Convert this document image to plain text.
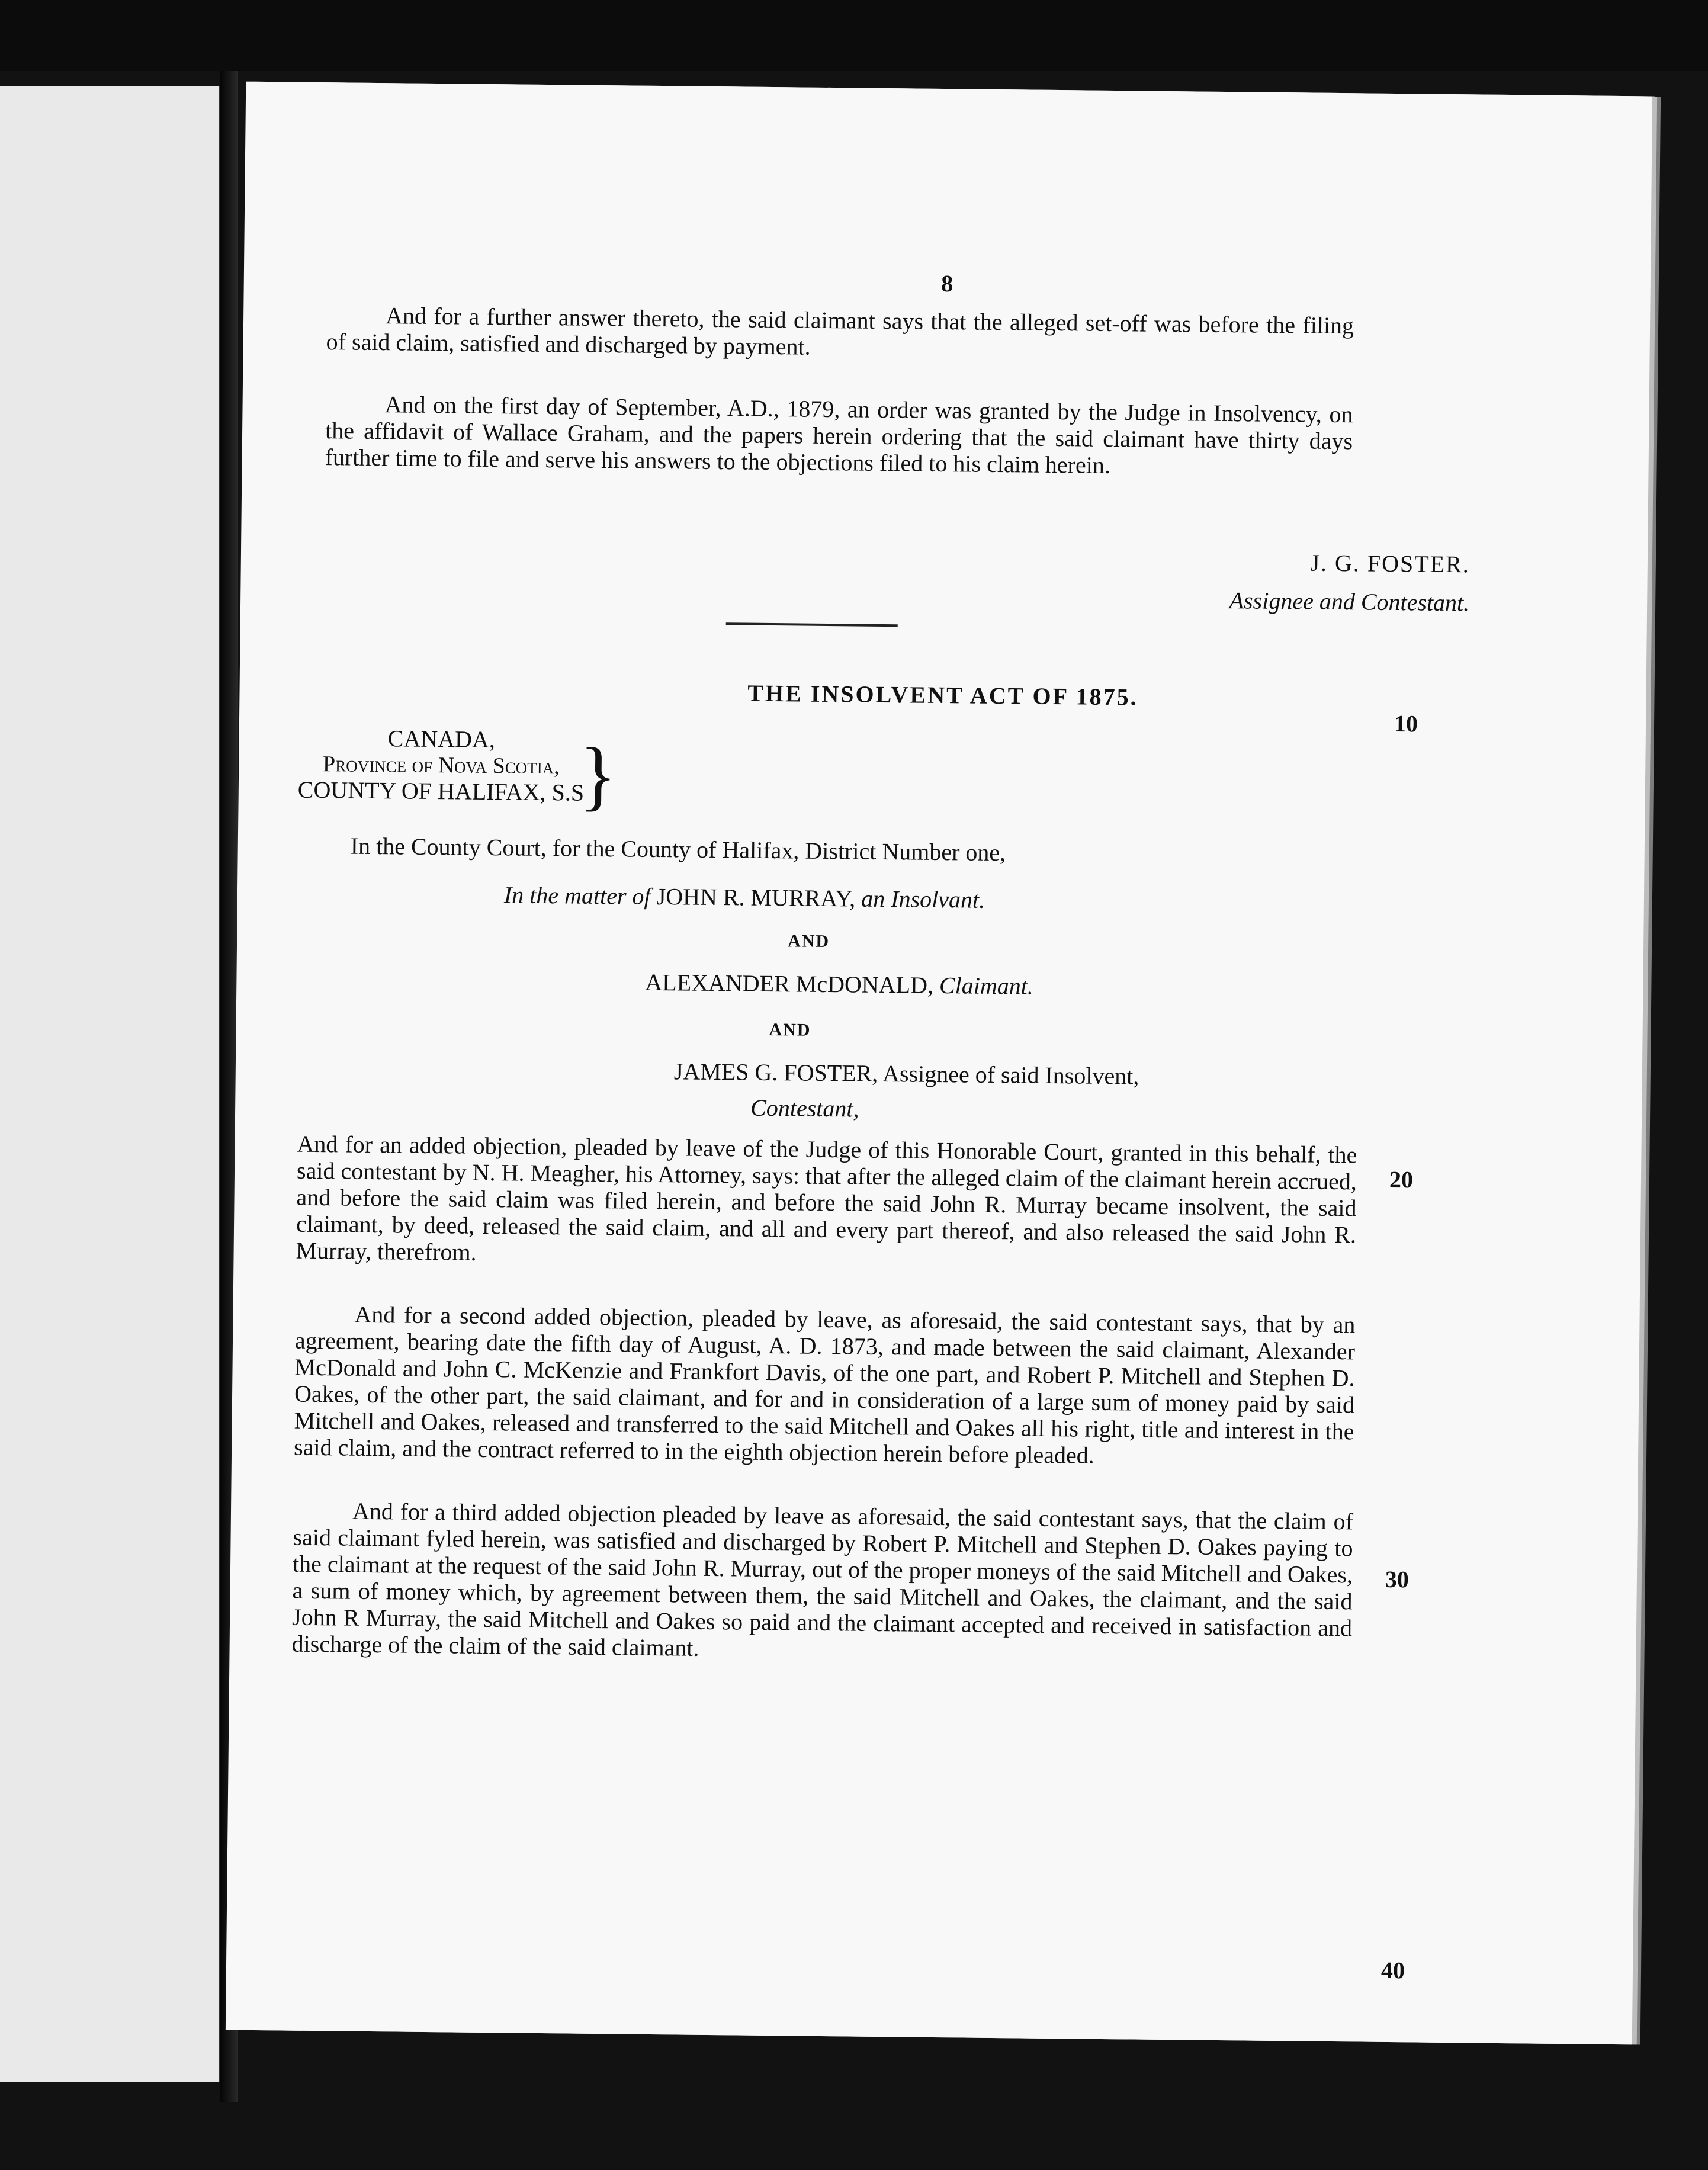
8

And for a further answer thereto, the said claimant says that the alleged set-off was before the filing of said claim, satisfied and discharged by payment.

And on the first day of September, A.D., 1879, an order was granted by the Judge in Insolvency, on the affidavit of Wallace Graham, and the papers herein ordering that the said claimant have thirty days further time to file and serve his answers to the objections filed to his claim herein.

J. G. FOSTER.
Assignee and Contestant.
THE INSOLVENT ACT OF 1875.
CANADA,
Province of Nova Scotia,
COUNTY OF HALIFAX, S.S
}
In the County Court, for the County of Halifax, District Number one,
In the matter of JOHN R. MURRAY, an Insolvant.
AND
ALEXANDER McDONALD, Claimant.
AND
JAMES G. FOSTER, Assignee of said Insolvent,
Contestant,

And for an added objection, pleaded by leave of the Judge of this Honorable Court, granted in this behalf, the said contestant by N. H. Meagher, his Attorney, says: that after the alleged claim of the claimant herein accrued, and before the said claim was filed herein, and before the said John R. Murray became insolvent, the said claimant, by deed, released the said claim, and all and every part thereof, and also released the said John R. Murray, therefrom.

And for a second added objection, pleaded by leave, as aforesaid, the said contestant says, that by an agreement, bearing date the fifth day of August, A. D. 1873, and made between the said claimant, Alexander McDonald and John C. McKenzie and Frankfort Davis, of the one part, and Robert P. Mitchell and Stephen D. Oakes, of the other part, the said claimant, and for and in consideration of a large sum of money paid by said Mitchell and Oakes, released and transferred to the said Mitchell and Oakes all his right, title and interest in the said claim, and the contract referred to in the eighth objection herein before pleaded.

And for a third added objection pleaded by leave as aforesaid, the said contestant says, that the claim of said claimant fyled herein, was satisfied and discharged by Robert P. Mitchell and Stephen D. Oakes paying to the claimant at the request of the said John R. Murray, out of the proper moneys of the said Mitchell and Oakes, a sum of money which, by agreement between them, the said Mitchell and Oakes, the claimant, and the said John R Murray, the said Mitchell and Oakes so paid and the claimant accepted and received in satisfaction and discharge of the claim of the said claimant.

10
20
30
40
